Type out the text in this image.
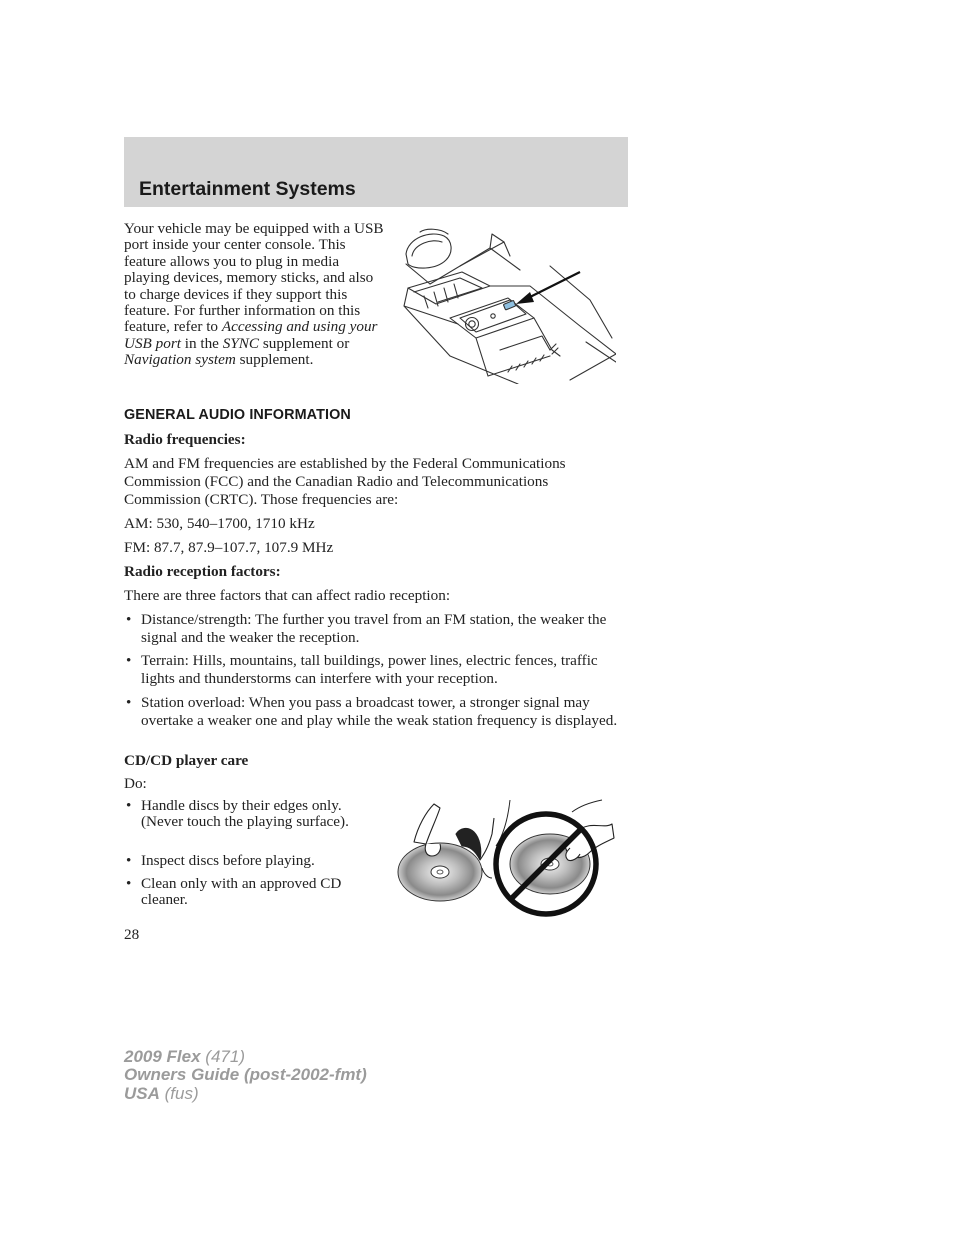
Entertainment Systems
Your vehicle may be equipped with a USB port inside your center console. This feature allows you to plug in media playing devices, memory sticks, and also to charge devices if they support this feature. For further information on this feature, refer to Accessing and using your USB port in the SYNC supplement or Navigation system supplement.
GENERAL AUDIO INFORMATION
Radio frequencies:
AM and FM frequencies are established by the Federal Communications Commission (FCC) and the Canadian Radio and Telecommunications Commission (CRTC). Those frequencies are:
AM: 530, 540–1700, 1710 kHz
FM: 87.7, 87.9–107.7, 107.9 MHz
Radio reception factors:
There are three factors that can affect radio reception:
• Distance/strength: The further you travel from an FM station, the weaker the signal and the weaker the reception.
• Terrain: Hills, mountains, tall buildings, power lines, electric fences, traffic lights and thunderstorms can interfere with your reception.
• Station overload: When you pass a broadcast tower, a stronger signal may overtake a weaker one and play while the weak station frequency is displayed.
CD/CD player care
Do:
• Handle discs by their edges only. (Never touch the playing surface).
• Inspect discs before playing.
• Clean only with an approved CD cleaner.
28
2009 Flex (471)
Owners Guide (post-2002-fmt)
USA (fus)
